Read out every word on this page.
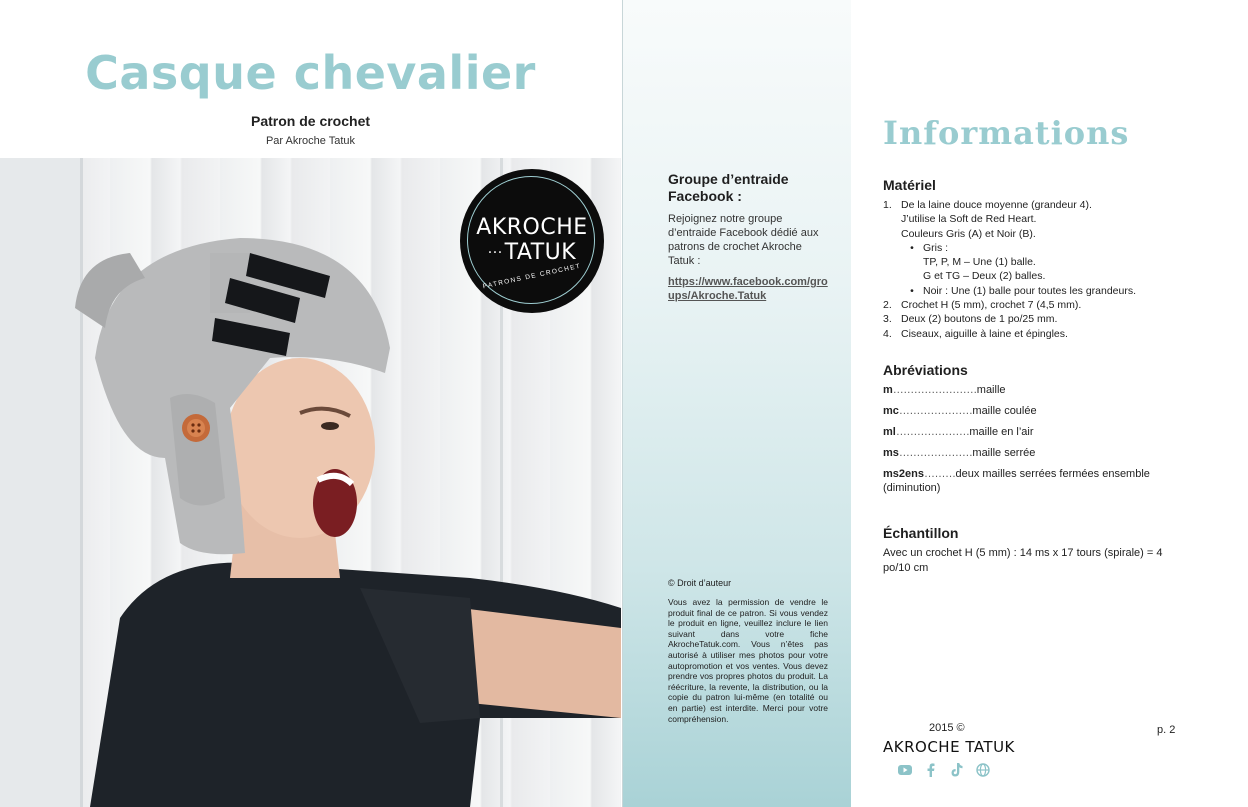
Casque chevalier
Patron de crochet
Par Akroche Tatuk
AKROCHE
··· TATUK
PATRONS DE CROCHET
Groupe d’entraide Facebook :
Rejoignez notre groupe d’entraide Facebook dédié aux patrons de crochet Akroche Tatuk :
https://www.facebook.com/groups/Akroche.Tatuk
© Droit d’auteur
Vous avez la permission de vendre le produit final de ce patron. Si vous vendez le produit en ligne, veuillez inclure le lien suivant dans votre fiche AkrocheTatuk.com. Vous n’êtes pas autorisé à utiliser mes photos pour votre autopromotion et vos ventes. Vous devez prendre vos propres photos du produit. La réécriture, la revente, la distribution, ou la copie du patron lui-même (en totalité ou en partie) est interdite. Merci pour votre compréhension.
Informations
Matériel
1. De la laine douce moyenne (grandeur 4).
J’utilise la Soft de Red Heart.
Couleurs Gris (A) et Noir (B).
• Gris :
TP, P, M – Une (1) balle.
G et TG – Deux (2) balles.
• Noir : Une (1) balle pour toutes les grandeurs.
2. Crochet H (5 mm), crochet 7 (4,5 mm).
3. Deux (2) boutons de 1 po/25 mm.
4. Ciseaux, aiguille à laine et épingles.
Abréviations
m……………………maille
mc…………………maille coulée
ml…………………maille en l’air
ms…………………maille serrée
ms2ens………deux mailles serrées fermées ensemble (diminution)
Échantillon
Avec un crochet H (5 mm) : 14 ms x 17 tours (spirale) = 4 po/10 cm
2015 ©	p. 2
AKROCHE TATUK
